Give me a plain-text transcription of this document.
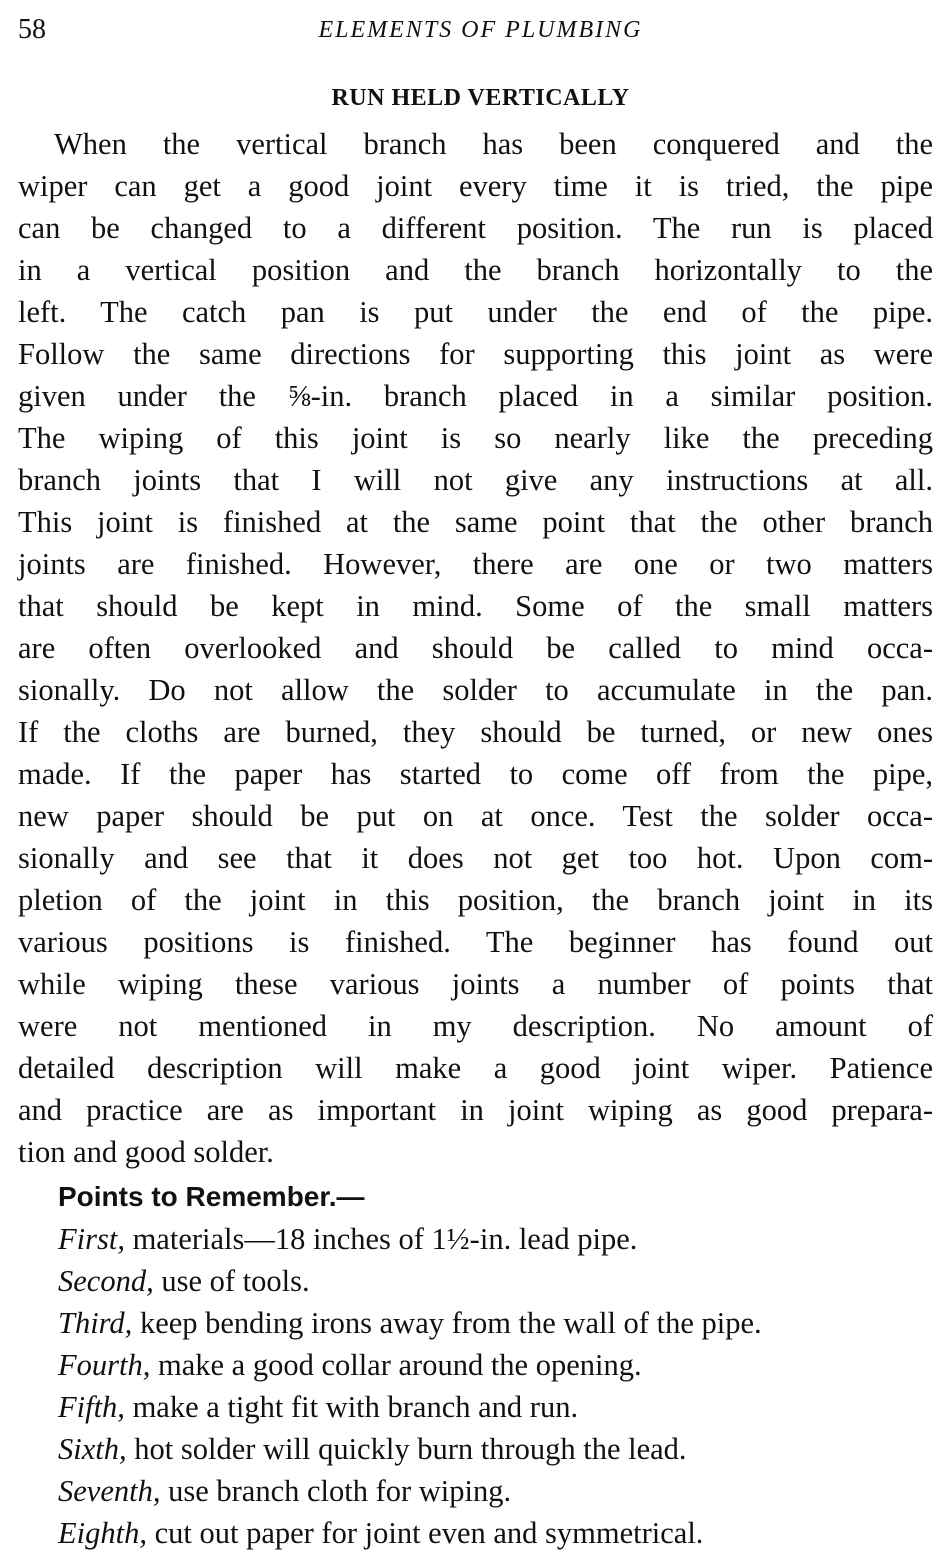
58	ELEMENTS OF PLUMBING
RUN HELD VERTICALLY
When the vertical branch has been conquered and the
wiper can get a good joint every time it is tried, the pipe
can be changed to a different position. The run is placed
in a vertical position and the branch horizontally to the
left. The catch pan is put under the end of the pipe.
Follow the same directions for supporting this joint as were
given under the ⅝-in. branch placed in a similar position.
The wiping of this joint is so nearly like the preceding
branch joints that I will not give any instructions at all.
This joint is finished at the same point that the other branch
joints are finished. However, there are one or two matters
that should be kept in mind. Some of the small matters
are often overlooked and should be called to mind occa-
sionally. Do not allow the solder to accumulate in the pan.
If the cloths are burned, they should be turned, or new ones
made. If the paper has started to come off from the pipe,
new paper should be put on at once. Test the solder occa-
sionally and see that it does not get too hot. Upon com-
pletion of the joint in this position, the branch joint in its
various positions is finished. The beginner has found out
while wiping these various joints a number of points that
were not mentioned in my description. No amount of
detailed description will make a good joint wiper. Patience
and practice are as important in joint wiping as good prepara-
tion and good solder.
Points to Remember.—
First, materials—18 inches of 1½-in. lead pipe.
Second, use of tools.
Third, keep bending irons away from the wall of the pipe.
Fourth, make a good collar around the opening.
Fifth, make a tight fit with branch and run.
Sixth, hot solder will quickly burn through the lead.
Seventh, use branch cloth for wiping.
Eighth, cut out paper for joint even and symmetrical.
